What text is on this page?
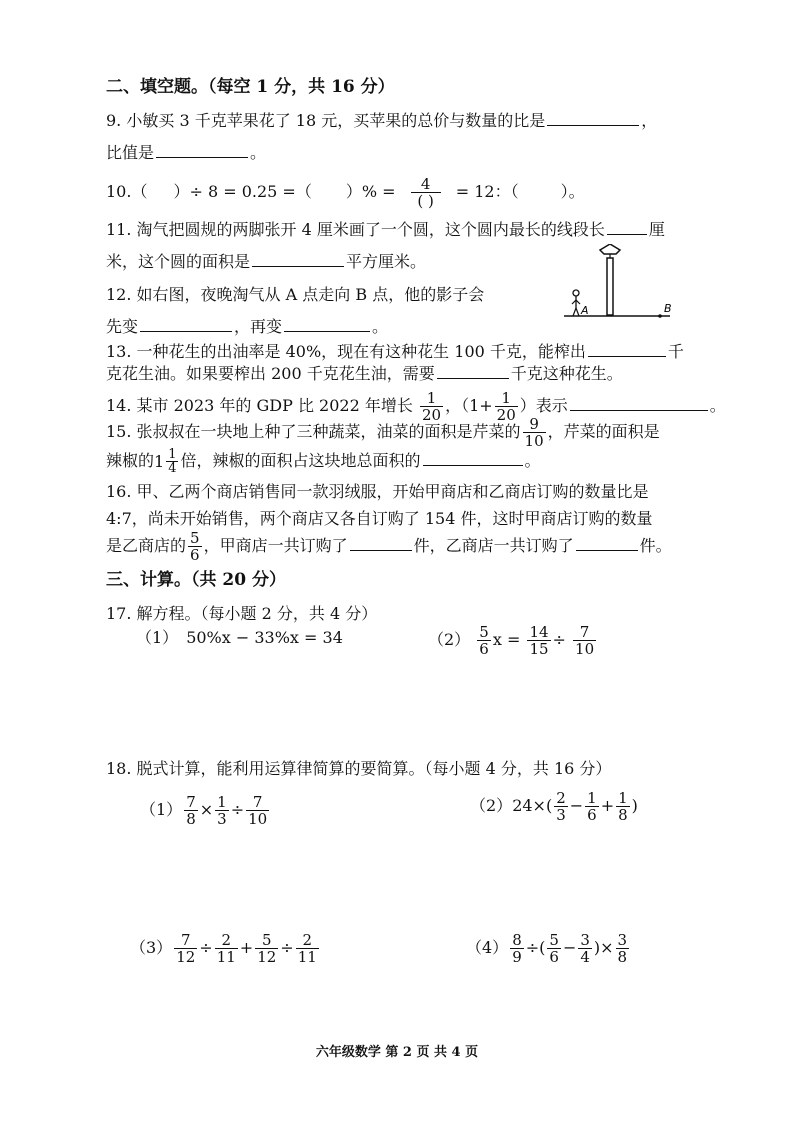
二、填空题。（每空 1 分，共 16 分）
9. 小敏买 3 千克苹果花了 18 元，买苹果的总价与数量的比是	，
比值是	。
10.（ ）÷ 8 = 0.25 =（ ）% = $\frac{4}{( )} = 12$：（	）。
11. 淘气把圆规的两脚张开 4 厘米画了一个圆，这个圆内最长的线段长	厘
米，这个圆的面积是	平方厘米。
12. 如右图，夜晚淘气从 A 点走向 B 点，他的影子会
先变	，再变	。
A	B
13. 一种花生的出油率是 40%，现在有这种花生 100 千克，能榨出	千
克花生油。如果要榨出 200 千克花生油，需要	千克这种花生。
14. 某市 2023 年的 GDP 比 2022 年增长 $\frac{1}{20}$ ，（$1+ \frac{1}{20}$ ）表示	。
15. 张叔叔在一块地上种了三种蔬菜，油菜的面积是芹菜的 $\frac{9}{10}$ ，芹菜的面积是
辣椒的 $1 \frac{1}{4}$ 倍，辣椒的面积占这块地总面积的	。
16. 甲、乙两个商店销售同一款羽绒服，开始甲商店和乙商店订购的数量比是
4:7，尚未开始销售，两个商店又各自订购了 154 件，这时甲商店订购的数量
是乙商店的 $\frac{5}{6}$ ，甲商店一共订购了	件，乙商店一共订购了	件。
三、计算。（共 20 分）
17. 解方程。（每小题 2 分，共 4 分）
（1） 50%x − 33%x = 34	$(2) \frac{5}{6}$ $x = \frac{14}{15} \div \frac{7}{10}$
18. 脱式计算，能利用运算律简算的要简算。（每小题 4 分，共 16 分）
$(1) \frac{7}{8} \times \frac{1}{3} \div \frac{7}{10}$	$(2)24\times( \frac{2}{3} - \frac{1}{6} + \frac{1}{8}$ )
$(3) \frac{7}{12} \div \frac{2}{11} + \frac{5}{12} \div \frac{2}{11}$	$(4) \frac{8}{9}$ ÷( $\frac{5}{6} - \frac{3}{4}$ )× $\frac{3}{8}$
六年级数学 第 2 页 共 4 页
